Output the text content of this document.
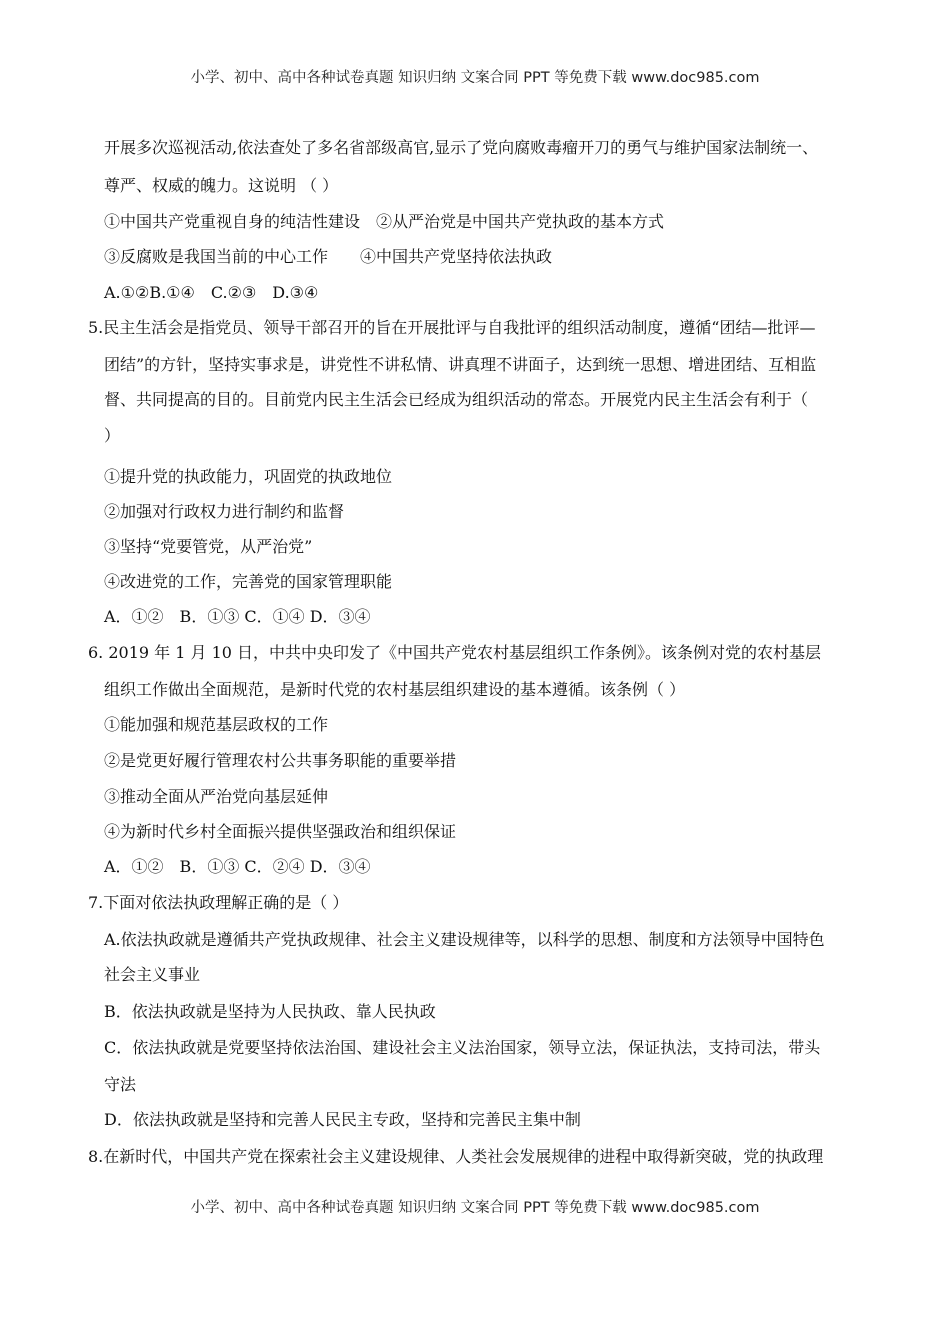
小学、初中、高中各种试卷真题 知识归纳 文案合同 PPT 等免费下载 www.doc985.com
开展多次巡视活动,依法查处了多名省部级高官,显示了党向腐败毒瘤开刀的勇气与维护国家法制统一、
尊严、权威的魄力。这说明 （ ）
①中国共产党重视自身的纯洁性建设　②从严治党是中国共产党执政的基本方式
③反腐败是我国当前的中心工作　　④中国共产党坚持依法执政
A.①②B.①④　C.②③　D.③④
5.民主生活会是指党员、领导干部召开的旨在开展批评与自我批评的组织活动制度，遵循“团结—批评—
团结”的方针，坚持实事求是，讲党性不讲私情、讲真理不讲面子，达到统一思想、增进团结、互相监
督、共同提高的目的。目前党内民主生活会已经成为组织活动的常态。开展党内民主生活会有利于（
）
①提升党的执政能力，巩固党的执政地位
②加强对行政权力进行制约和监督
③坚持“党要管党，从严治党”
④改进党的工作，完善党的国家管理职能
A．①②　B．①③ C．①④ D．③④
6. 2019 年 1 月 10 日，中共中央印发了《中国共产党农村基层组织工作条例》。该条例对党的农村基层
组织工作做出全面规范，是新时代党的农村基层组织建设的基本遵循。该条例（ ）
①能加强和规范基层政权的工作
②是党更好履行管理农村公共事务职能的重要举措
③推动全面从严治党向基层延伸
④为新时代乡村全面振兴提供坚强政治和组织保证
A．①②　B．①③ C．②④ D．③④
7.下面对依法执政理解正确的是（ ）
A.依法执政就是遵循共产党执政规律、社会主义建设规律等，以科学的思想、制度和方法领导中国特色
社会主义事业
B．依法执政就是坚持为人民执政、靠人民执政
C．依法执政就是党要坚持依法治国、建设社会主义法治国家，领导立法，保证执法，支持司法，带头
守法
D．依法执政就是坚持和完善人民民主专政，坚持和完善民主集中制
8.在新时代，中国共产党在探索社会主义建设规律、人类社会发展规律的进程中取得新突破，党的执政理
小学、初中、高中各种试卷真题 知识归纳 文案合同 PPT 等免费下载 www.doc985.com
